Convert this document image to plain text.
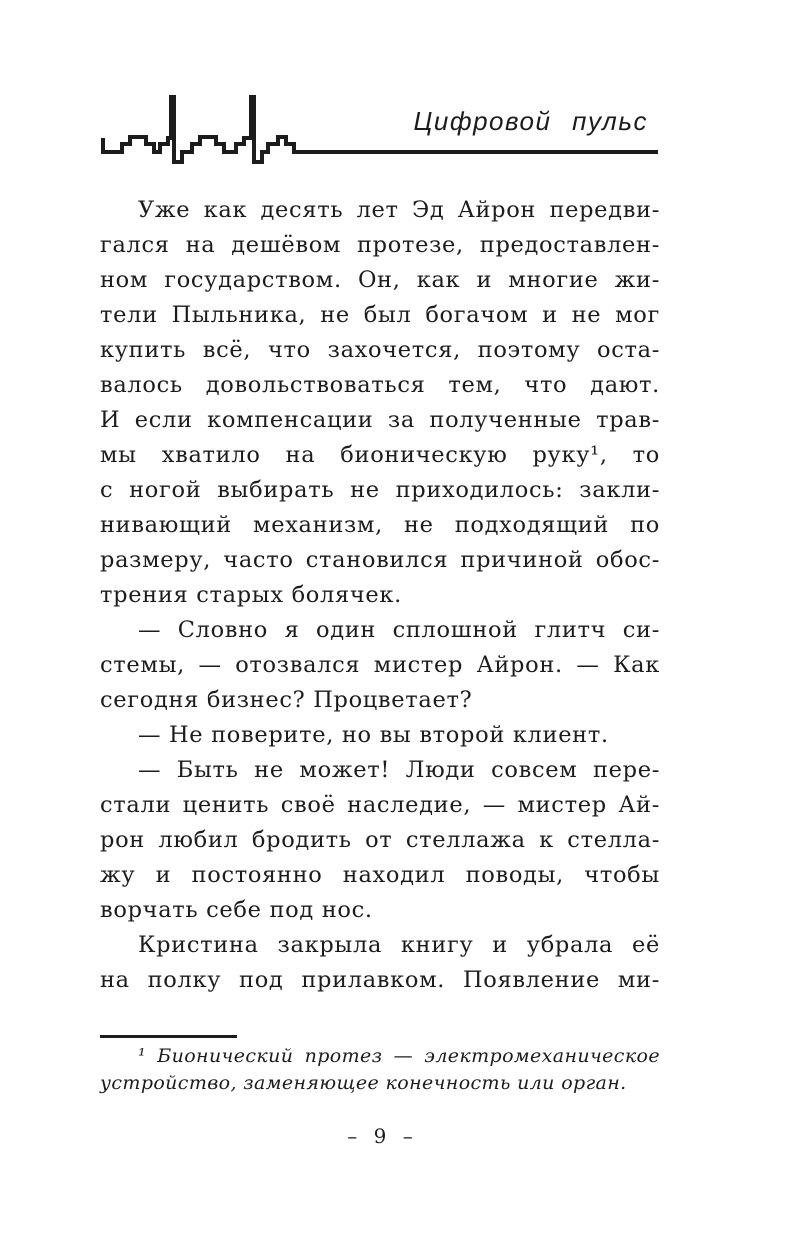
Цифровой пульс
Уже как десять лет Эд Айрон передви-
гался на дешёвом протезе, предоставлен-
ном государством. Он, как и многие жи-
тели Пыльника, не был богачом и не мог
купить всё, что захочется, поэтому оста-
валось довольствоваться тем, что дают.
И если компенсации за полученные трав-
мы хватило на бионическую руку¹, то
с ногой выбирать не приходилось: закли-
нивающий механизм, не подходящий по
размеру, часто становился причиной обос-
трения старых болячек.
— Словно я один сплошной глитч си-
стемы, — отозвался мистер Айрон. — Как
сегодня бизнес? Процветает?
— Не поверите, но вы второй клиент.
— Быть не может! Люди совсем пере-
стали ценить своё наследие, — мистер Ай-
рон любил бродить от стеллажа к стелла-
жу и постоянно находил поводы, чтобы
ворчать себе под нос.
Кристина закрыла книгу и убрала её
на полку под прилавком. Появление ми-
¹ Бионический протез — электромеханическое
устройство, заменяющее конечность или орган.
– 9 –
